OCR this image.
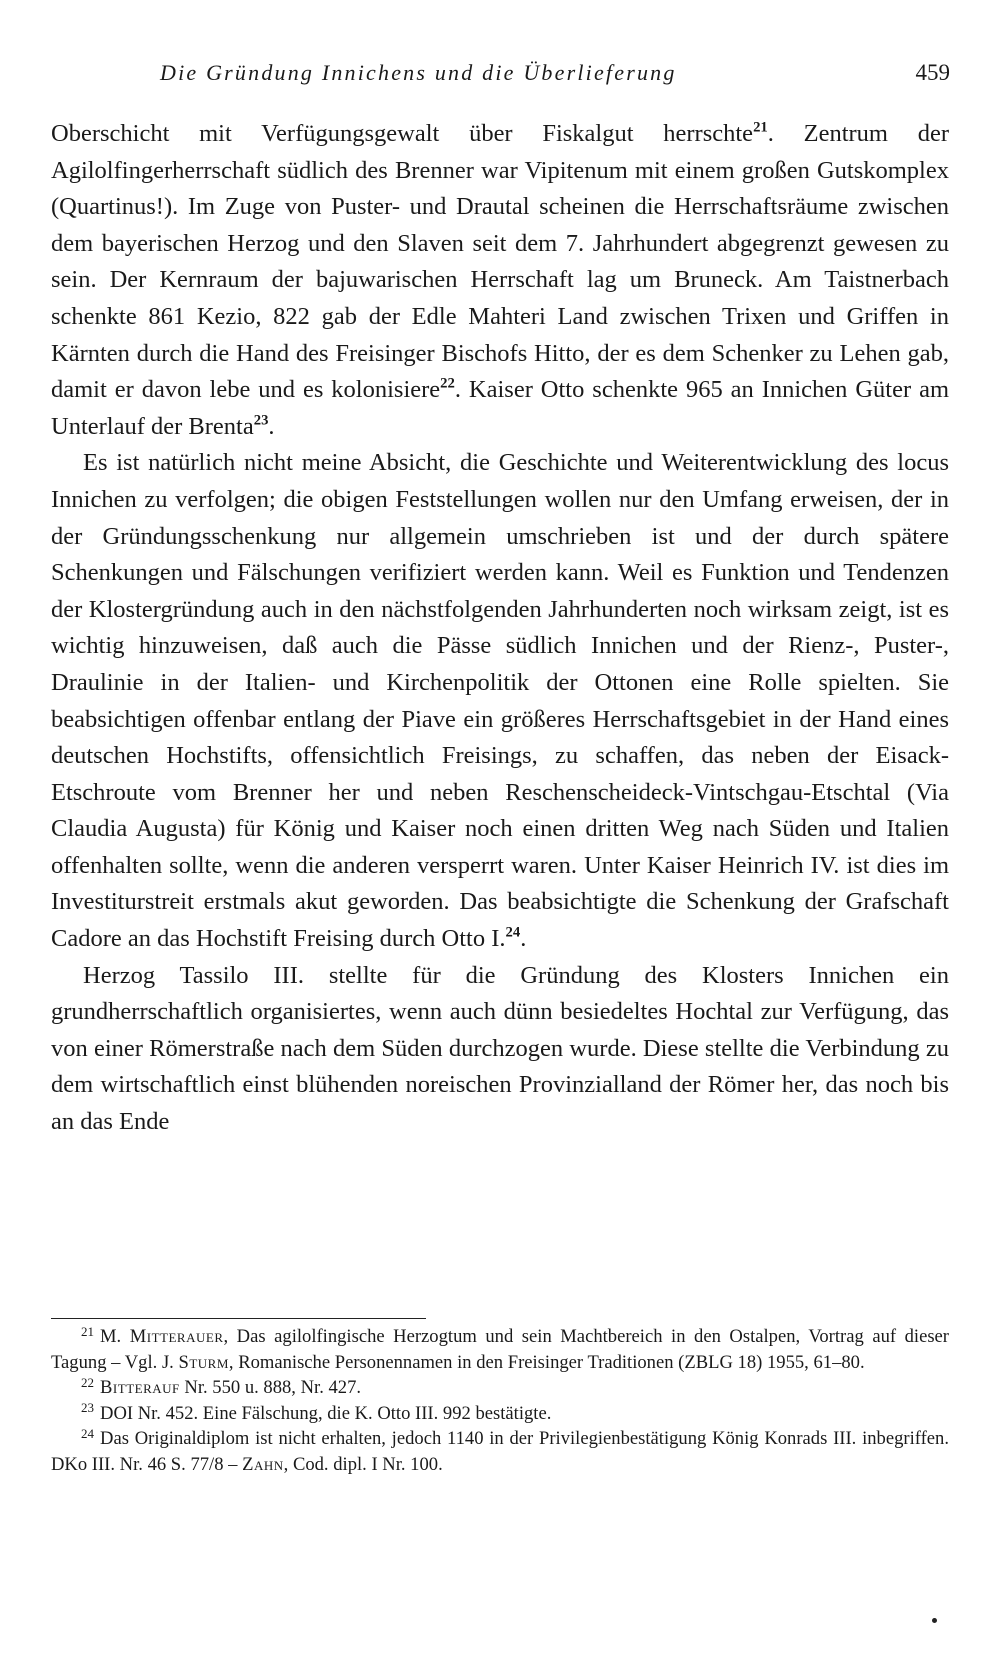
Die Gründung Innichens und die Überlieferung	459

Oberschicht mit Verfügungsgewalt über Fiskalgut herrschte$^{21}$. Zentrum der Agilolfingerherrschaft südlich des Brenner war Vipitenum mit einem großen Gutskomplex (Quartinus!). Im Zuge von Puster- und Drautal scheinen die Herrschaftsräume zwischen dem bayerischen Herzog und den Slaven seit dem 7. Jahrhundert abgegrenzt gewesen zu sein. Der Kernraum der bajuwarischen Herrschaft lag um Bruneck. Am Taistnerbach schenkte 861 Kezio, 822 gab der Edle Mahteri Land zwischen Trixen und Griffen in Kärnten durch die Hand des Freisinger Bischofs Hitto, der es dem Schenker zu Lehen gab, damit er davon lebe und es kolonisiere$^{22}$. Kaiser Otto schenkte 965 an Innichen Güter am Unterlauf der Brenta$^{23}$.

Es ist natürlich nicht meine Absicht, die Geschichte und Weiterentwicklung des locus Innichen zu verfolgen; die obigen Feststellungen wollen nur den Umfang erweisen, der in der Gründungsschenkung nur allgemein umschrieben ist und der durch spätere Schenkungen und Fälschungen verifiziert werden kann. Weil es Funktion und Tendenzen der Klostergründung auch in den nächstfolgenden Jahrhunderten noch wirksam zeigt, ist es wichtig hinzuweisen, daß auch die Pässe südlich Innichen und der Rienz-, Puster-, Draulinie in der Italien- und Kirchenpolitik der Ottonen eine Rolle spielten. Sie beabsichtigen offenbar entlang der Piave ein größeres Herrschaftsgebiet in der Hand eines deutschen Hochstifts, offensichtlich Freisings, zu schaffen, das neben der Eisack-Etschroute vom Brenner her und neben Reschenscheideck-Vintschgau-Etschtal (Via Claudia Augusta) für König und Kaiser noch einen dritten Weg nach Süden und Italien offenhalten sollte, wenn die anderen versperrt waren. Unter Kaiser Heinrich IV. ist dies im Investiturstreit erstmals akut geworden. Das beabsichtigte die Schenkung der Grafschaft Cadore an das Hochstift Freising durch Otto I.$^{24}$.

Herzog Tassilo III. stellte für die Gründung des Klosters Innichen ein grundherrschaftlich organisiertes, wenn auch dünn besiedeltes Hochtal zur Verfügung, das von einer Römerstraße nach dem Süden durchzogen wurde. Diese stellte die Verbindung zu dem wirtschaftlich einst blühenden noreischen Provinzialland der Römer her, das noch bis an das Ende

$^{21}$ M. Mitterauer, Das agilolfingische Herzogtum und sein Machtbereich in den Ostalpen, Vortrag auf dieser Tagung – Vgl. J. Sturm, Romanische Personennamen in den Freisinger Traditionen (ZBLG 18) 1955, 61–80.

$^{22}$ Bitterauf Nr. 550 u. 888, Nr. 427.

$^{23}$ DOI Nr. 452. Eine Fälschung, die K. Otto III. 992 bestätigte.

$^{24}$ Das Originaldiplom ist nicht erhalten, jedoch 1140 in der Privilegienbestätigung König Konrads III. inbegriffen. DKo III. Nr. 46 S. 77/8 – Zahn, Cod. dipl. I Nr. 100.
